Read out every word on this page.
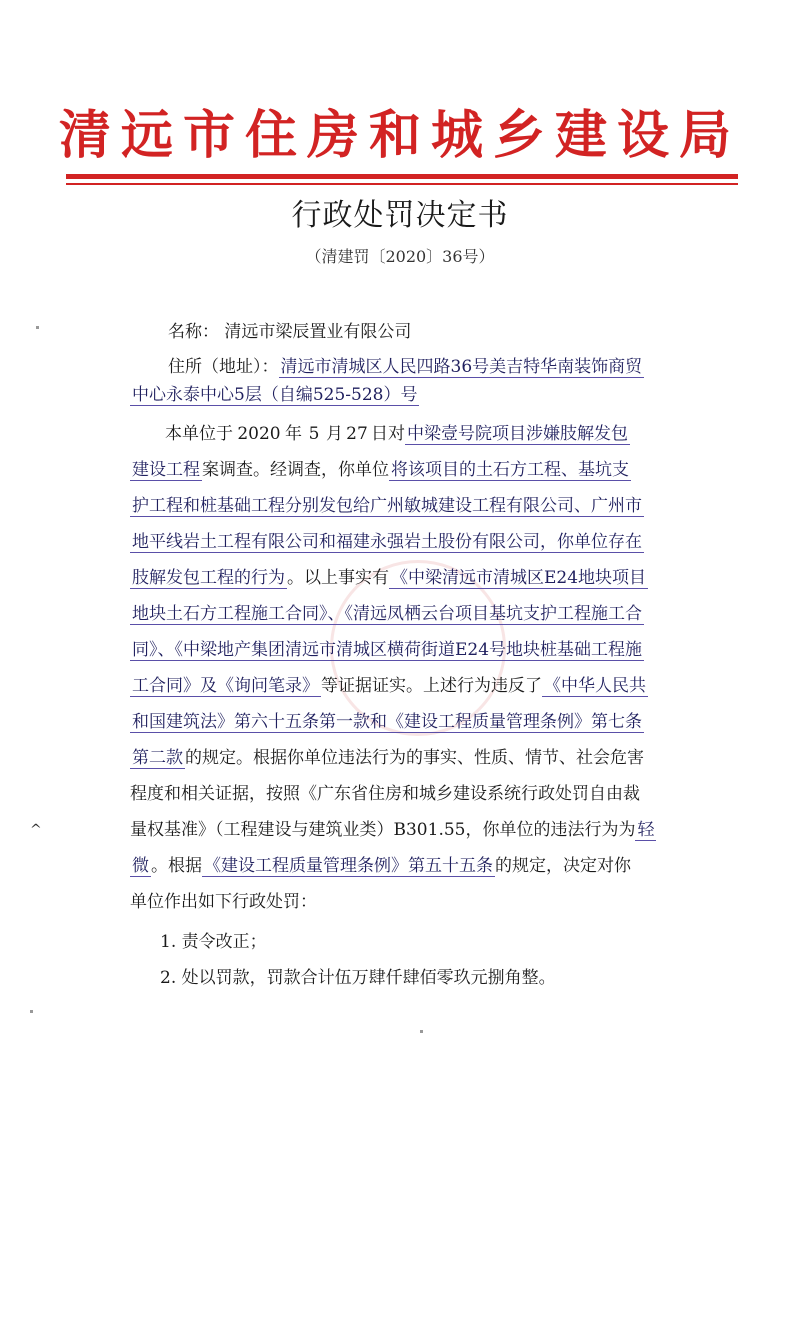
清远市住房和城乡建设局
行政处罚决定书
（清建罚〔2020〕36号）
名称： 清远市梁辰置业有限公司
住所（地址）： 清远市清城区人民四路36号美吉特华南装饰商贸
中心永泰中心5层（自编525-528）号
本单位于 2020 年 5 月 27 日对 中梁壹号院项目涉嫌肢解发包
建设工程 案调查。经调查，你单位 将该项目的土石方工程、基坑支
护工程和桩基础工程分别发包给广州敏城建设工程有限公司、广州市
地平线岩土工程有限公司和福建永强岩土股份有限公司，你单位存在
肢解发包工程的行为 。以上事实有 《中梁清远市清城区E24地块项目
地块土石方工程施工合同》、《清远凤栖云台项目基坑支护工程施工合
同》、《中梁地产集团清远市清城区横荷街道E24号地块桩基础工程施
工合同》及《询问笔录》 等证据证实。上述行为违反了 《中华人民共
和国建筑法》第六十五条第一款和《建设工程质量管理条例》第七条
第二款 的规定。根据你单位违法行为的事实、性质、情节、社会危害
程度和相关证据，按照《广东省住房和城乡建设系统行政处罚自由裁
量权基准》（工程建设与建筑业类）B301.55，你单位的违法行为为 轻
微 。根据 《建设工程质量管理条例》第五十五条 的规定，决定对你
单位作出如下行政处罚：
1. 责令改正；
2. 处以罚款，罚款合计伍万肆仟肆佰零玖元捌角整。
^
